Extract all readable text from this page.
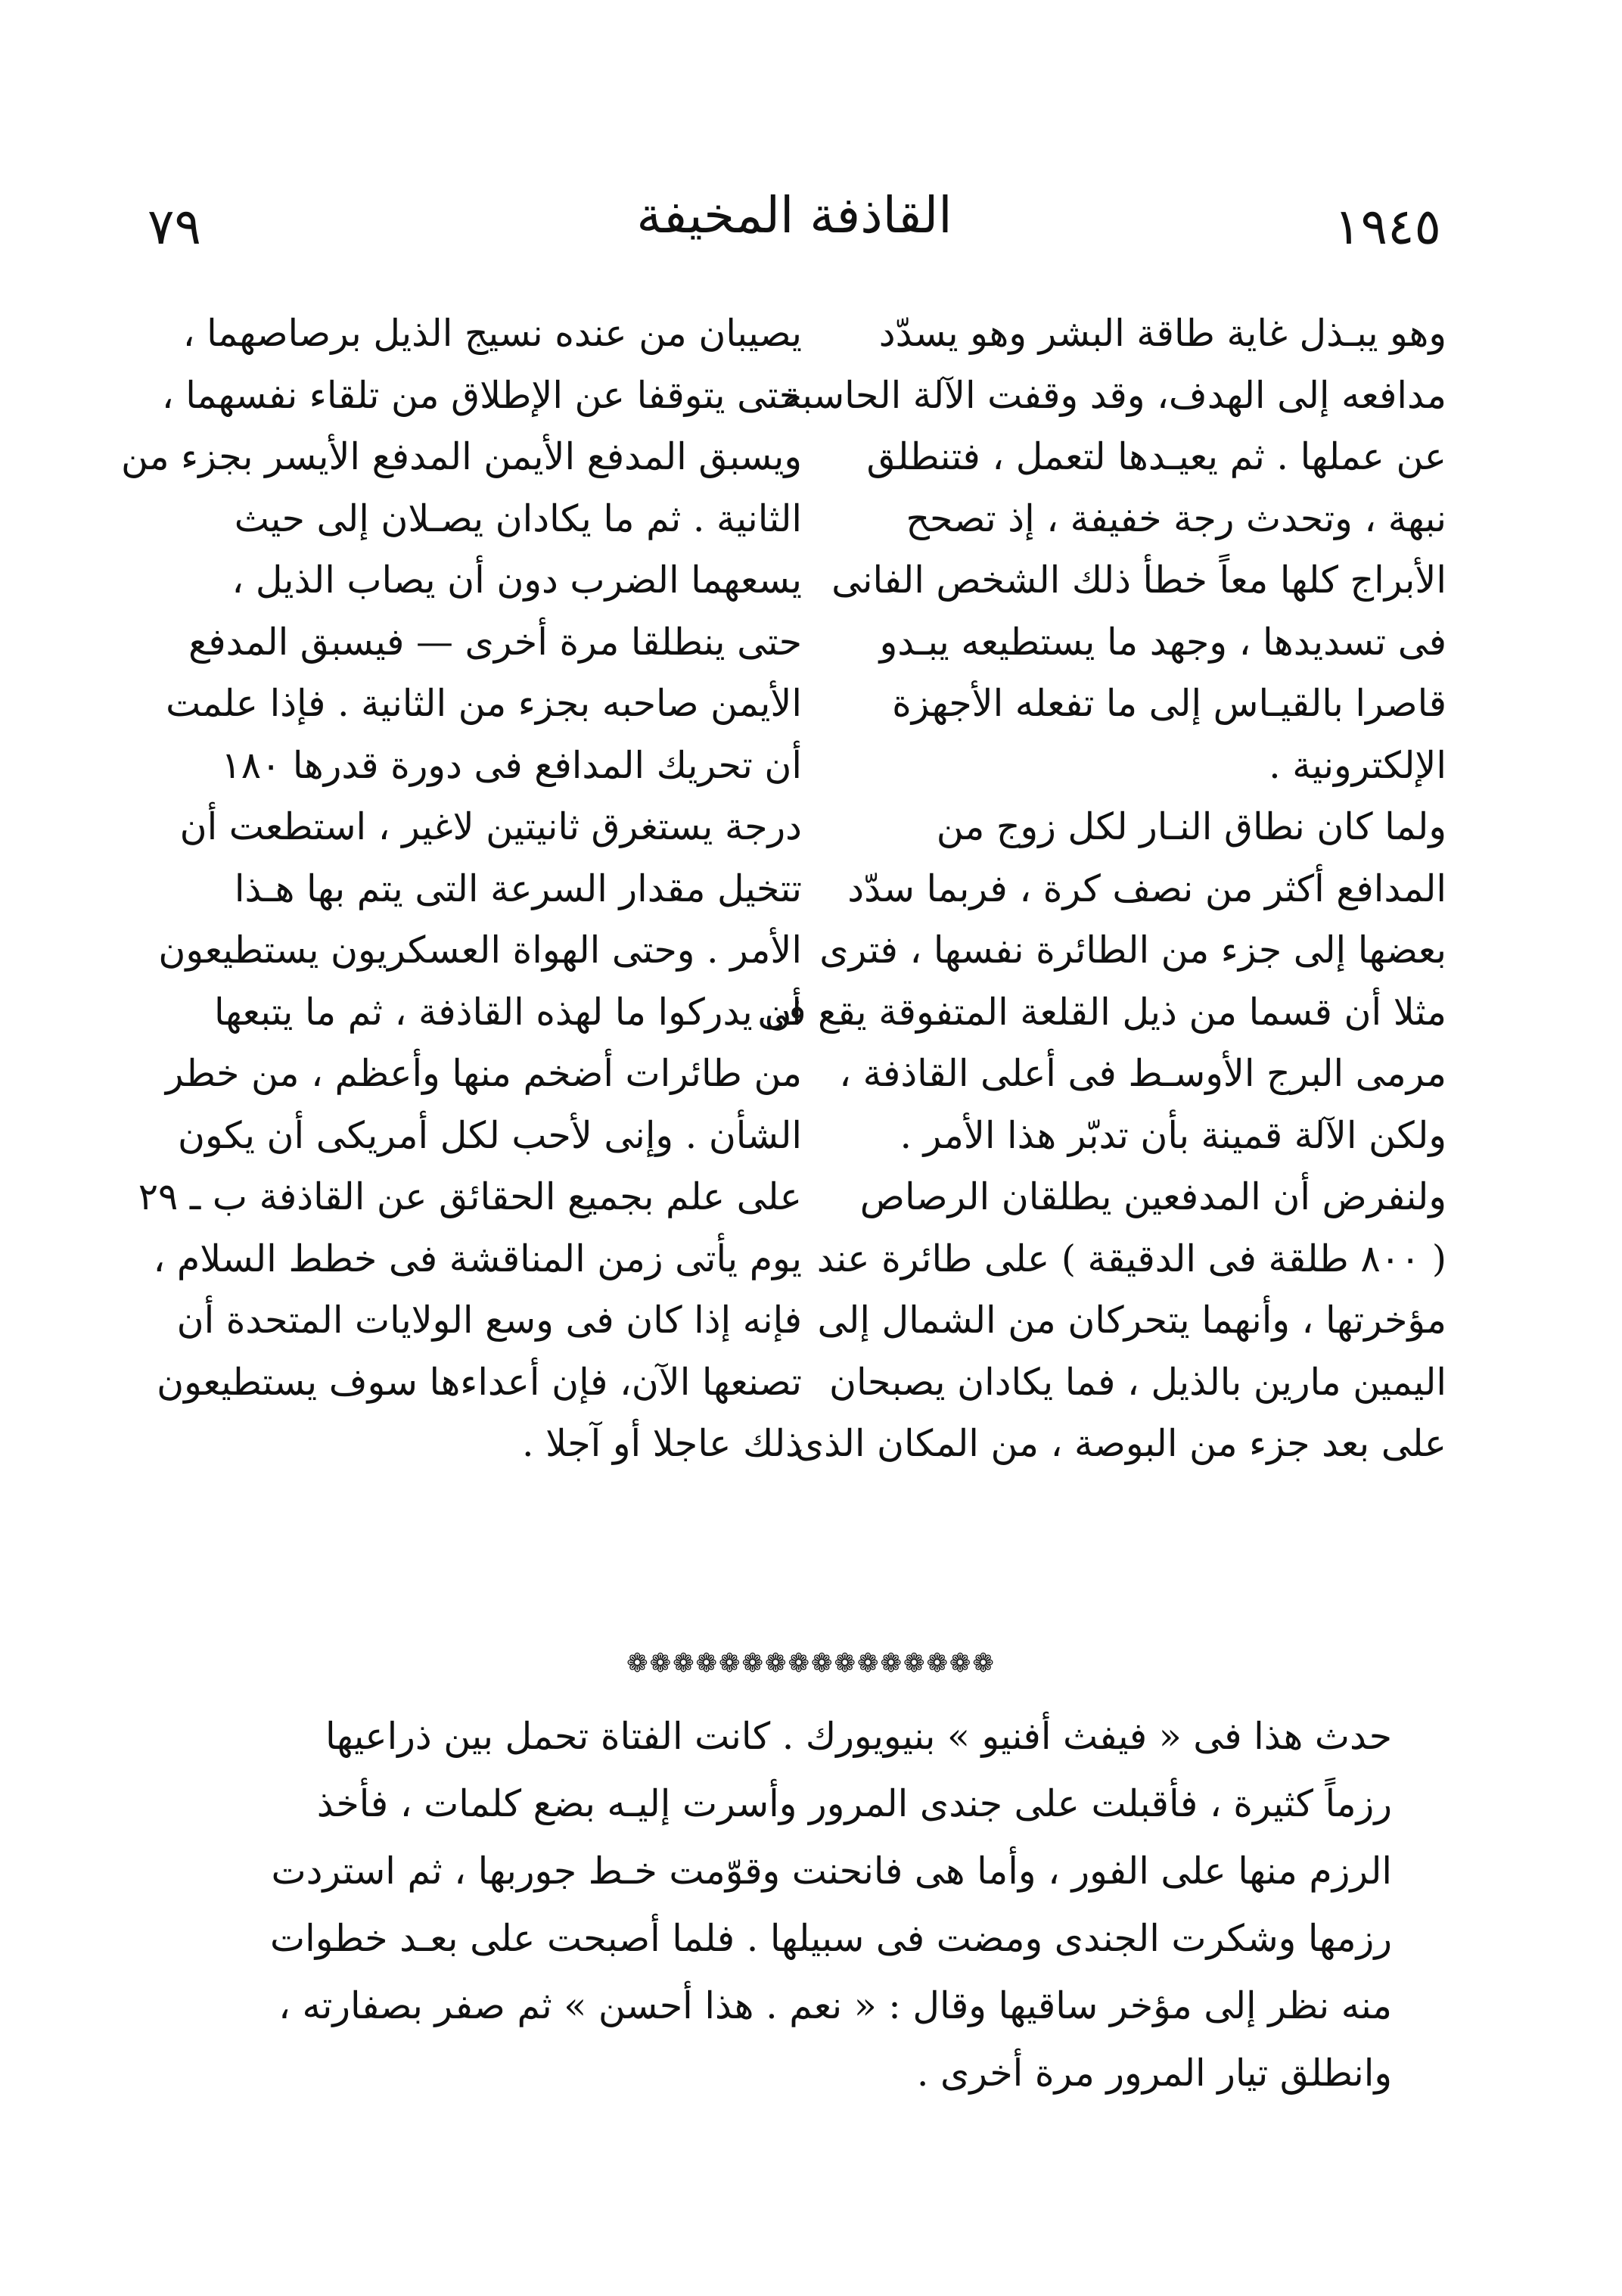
٧٩	القاذفة المخيفة	١٩٤٥
وهو يبـذل غاية طاقة البشر وهو يسدّد
مدافعه إلى الهدف، وقد وقفت الآلة الحاسبة
عن عملها . ثم يعيـدها لتعمل ، فتنطلق
نبهة ، وتحدث رجة خفيفة ، إذ تصحح
الأبراج كلها معاً خطأ ذلك الشخص الفانى
فى تسديدها ، وجهد ما يستطيعه يبـدو
قاصرا بالقيـاس إلى ما تفعله الأجهزة
الإلكترونية .
ولما كان نطاق النـار لكل زوج من
المدافع أكثر من نصف كرة ، فربما سدّد
بعضها إلى جزء من الطائرة نفسها ، فترى
مثلا أن قسما من ذيل القلعة المتفوقة يقع فى
مرمى البرج الأوسـط فى أعلى القاذفة ،
ولكن الآلة قمينة بأن تدبّر هذا الأمر .
ولنفرض أن المدفعين يطلقان الرصاص
( ٨٠٠ طلقة فى الدقيقة ) على طائرة عند
مؤخرتها ، وأنهما يتحركان من الشمال إلى
اليمين مارين بالذيل ، فما يكادان يصبحان
على بعد جزء من البوصة ، من المكان الذى
يصيبان من عنده نسيج الذيل برصاصهما ،
حتى يتوقفا عن الإطلاق من تلقاء نفسهما ،
ويسبق المدفع الأيمن المدفع الأيسر بجزء من
الثانية . ثم ما يكادان يصـلان إلى حيث
يسعهما الضرب دون أن يصاب الذيل ،
حتى ينطلقا مرة أخرى — فيسبق المدفع
الأيمن صاحبه بجزء من الثانية . فإذا علمت
أن تحريك المدافع فى دورة قدرها ١٨٠
درجة يستغرق ثانيتين لاغير ، استطعت أن
تتخيل مقدار السرعة التى يتم بها هـذا
الأمر . وحتى الهواة العسكريون يستطيعون
أن يدركوا ما لهذه القاذفة ، ثم ما يتبعها
من طائرات أضخم منها وأعظم ، من خطر
الشأن . وإنى لأحب لكل أمريكى أن يكون
على علم بجميع الحقائق عن القاذفة ب ـ ٢٩
يوم يأتى زمن المناقشة فى خطط السلام ،
فإنه إذا كان فى وسع الولايات المتحدة أن
تصنعها الآن، فإن أعداءها سوف يستطيعون
ذلك عاجلا أو آجلا .
❁❁❁❁❁❁❁❁❁❁❁❁❁❁❁❁
حدث هذا فى « فيفث أفنيو » بنيويورك . كانت الفتاة تحمل بين ذراعيها
رزماً كثيرة ، فأقبلت على جندى المرور وأسرت إليـه بضع كلمات ، فأخذ
الرزم منها على الفور ، وأما هى فانحنت وقوّمت خـط جوربها ، ثم استردت
رزمها وشكرت الجندى ومضت فى سبيلها . فلما أصبحت على بعـد خطوات
منه نظر إلى مؤخر ساقيها وقال : « نعم . هذا أحسن » ثم صفر بصفارته ،
وانطلق تيار المرور مرة أخرى .
